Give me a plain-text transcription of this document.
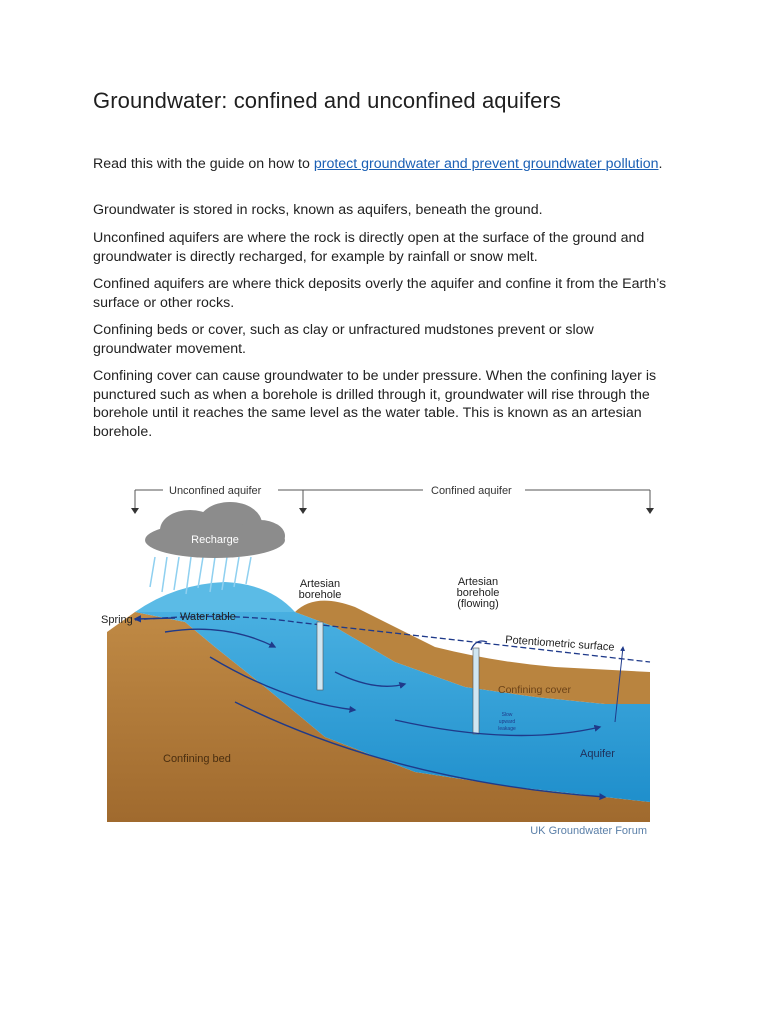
Groundwater: confined and unconfined aquifers

Read this with the guide on how to protect groundwater and prevent groundwater pollution.

Groundwater is stored in rocks, known as aquifers, beneath the ground.

Unconfined aquifers are where the rock is directly open at the surface of the ground and groundwater is directly recharged, for example by rainfall or snow melt.

Confined aquifers are where thick deposits overly the aquifer and confine it from the Earth’s surface or other rocks.

Confining beds or cover, such as clay or unfractured mudstones prevent or slow groundwater movement.

Confining cover can cause groundwater to be under pressure. When the confining layer is punctured such as when a borehole is drilled through it, groundwater will rise through the borehole until it reaches the same level as the water table. This is known as an artesian borehole.

Unconfined aquifer	Confined aquifer
Recharge
Artesian
borehole
Artesian
borehole
(flowing)
Spring	Water table
Potentiometric surface
Confining cover
Slow
upward
leakage
Aquifer
Confining bed
UK Groundwater Forum
